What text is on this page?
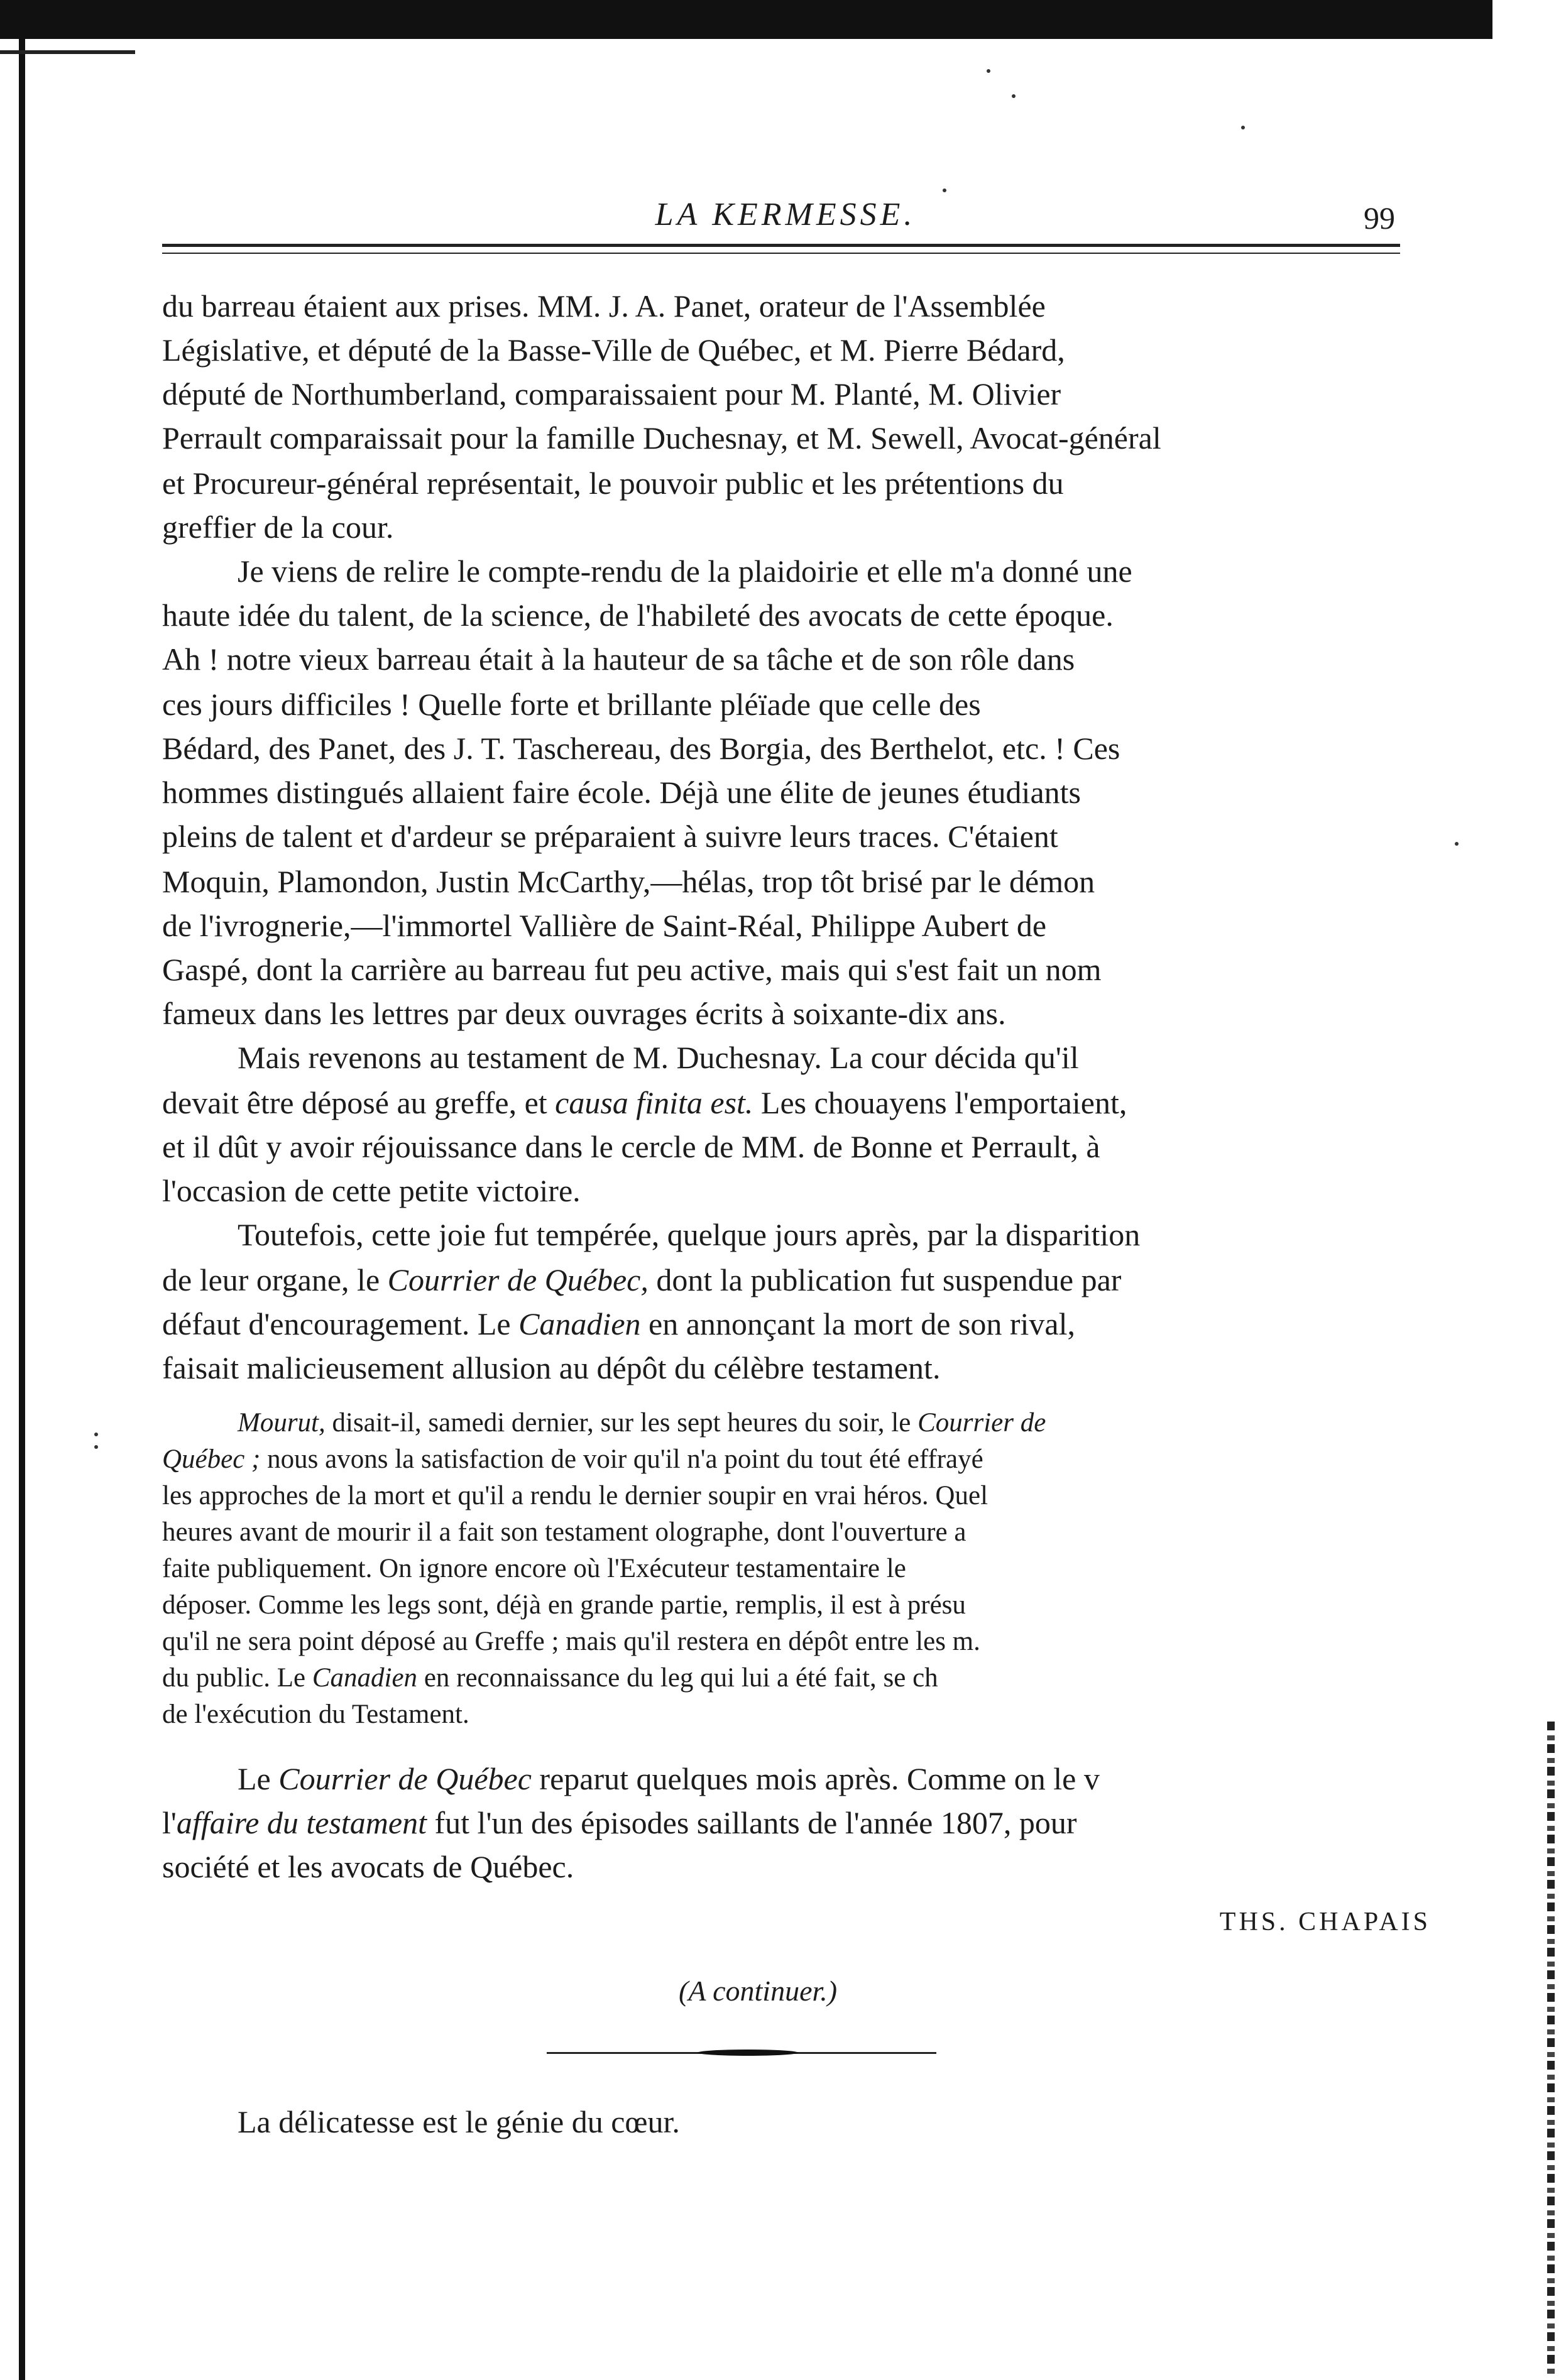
LA KERMESSE.	99
du barreau étaient aux prises. MM. J. A. Panet, orateur de l'Assemblée
Législative, et député de la Basse-Ville de Québec, et M. Pierre Bédard,
député de Northumberland, comparaissaient pour M. Planté, M. Olivier
Perrault comparaissait pour la famille Duchesnay, et M. Sewell, Avocat-général
et Procureur-général représentait, le pouvoir public et les prétentions du
greffier de la cour.
Je viens de relire le compte-rendu de la plaidoirie et elle m'a donné une
haute idée du talent, de la science, de l'habileté des avocats de cette époque.
Ah ! notre vieux barreau était à la hauteur de sa tâche et de son rôle dans
ces jours difficiles ! Quelle forte et brillante pléïade que celle des
Bédard, des Panet, des J. T. Taschereau, des Borgia, des Berthelot, etc. ! Ces
hommes distingués allaient faire école. Déjà une élite de jeunes étudiants
pleins de talent et d'ardeur se préparaient à suivre leurs traces. C'étaient
Moquin, Plamondon, Justin McCarthy,—hélas, trop tôt brisé par le démon
de l'ivrognerie,—l'immortel Vallière de Saint-Réal, Philippe Aubert de
Gaspé, dont la carrière au barreau fut peu active, mais qui s'est fait un nom
fameux dans les lettres par deux ouvrages écrits à soixante-dix ans.
Mais revenons au testament de M. Duchesnay. La cour décida qu'il
devait être déposé au greffe, et causa finita est. Les chouayens l'emportaient,
et il dût y avoir réjouissance dans le cercle de MM. de Bonne et Perrault, à
l'occasion de cette petite victoire.
Toutefois, cette joie fut tempérée, quelque jours après, par la disparition
de leur organe, le Courrier de Québec, dont la publication fut suspendue par
défaut d'encouragement. Le Canadien en annonçant la mort de son rival,
faisait malicieusement allusion au dépôt du célèbre testament.
Mourut, disait-il, samedi dernier, sur les sept heures du soir, le Courrier de
Québec ; nous avons la satisfaction de voir qu'il n'a point du tout été effrayé
les approches de la mort et qu'il a rendu le dernier soupir en vrai héros. Quel
heures avant de mourir il a fait son testament olographe, dont l'ouverture a
faite publiquement. On ignore encore où l'Exécuteur testamentaire le
déposer. Comme les legs sont, déjà en grande partie, remplis, il est à présu
qu'il ne sera point déposé au Greffe ; mais qu'il restera en dépôt entre les m.
du public. Le Canadien en reconnaissance du leg qui lui a été fait, se ch
de l'exécution du Testament.
Le Courrier de Québec reparut quelques mois après. Comme on le v
l'affaire du testament fut l'un des épisodes saillants de l'année 1807, pour
société et les avocats de Québec.
THS. CHAPAIS
(A continuer.)
La délicatesse est le génie du cœur.
